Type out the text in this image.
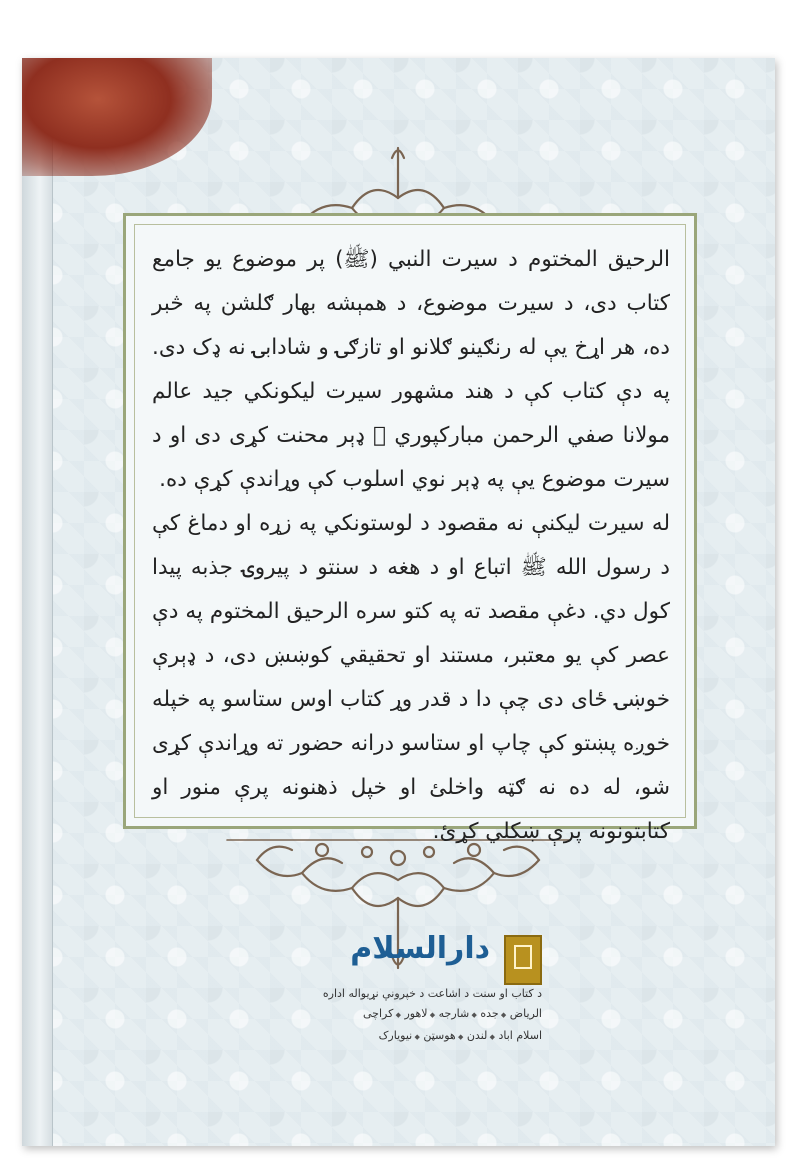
الرحیق المختوم د سیرت النبي (ﷺ) پر موضوع یو جامع کتاب دی، د سیرت موضوع، د همېشه بهار ګلشن په څبر ده، هر اړخ یې له رنګینو ګلانو او تازګۍ و شادابۍ نه ډک دی. په دې کتاب کې د هند مشهور سیرت لیکونکي جید عالم مولانا صفي الرحمن مبارکپوري ﷫ ډېر محنت کړی دی او د سیرت موضوع یې په ډېر نوي اسلوب کې وړاندې کړې ده.

له سیرت لیکنې نه مقصود د لوستونکي په زړه او دماغ کې د رسول الله ﷺ اتباع او د هغه د سنتو د پیروۍ جذبه پیدا کول دي. دغې مقصد ته په کتو سره الرحیق المختوم په دې عصر کې یو معتبر، مستند او تحقیقي کوښښ دی، د ډېرې خوښۍ ځای دی چې دا د قدر وړ کتاب اوس ستاسو په خپله خوږه پښتو کې چاپ او ستاسو درانه حضور ته وړاندې کړی شو، له ده نه ګټه واخلئ او خپل ذهنونه پرې منور او کتابتونونه پرې ښکلي کړئ.

دارالسلام
د کتاب او سنت د اشاعت د خپرونې نړیواله اداره
الریاض ◆ جده ◆ شارجه ◆ لاهور ◆ کراچی
اسلام اباد ◆ لندن ◆ هوسټن ◆ نیویارک
